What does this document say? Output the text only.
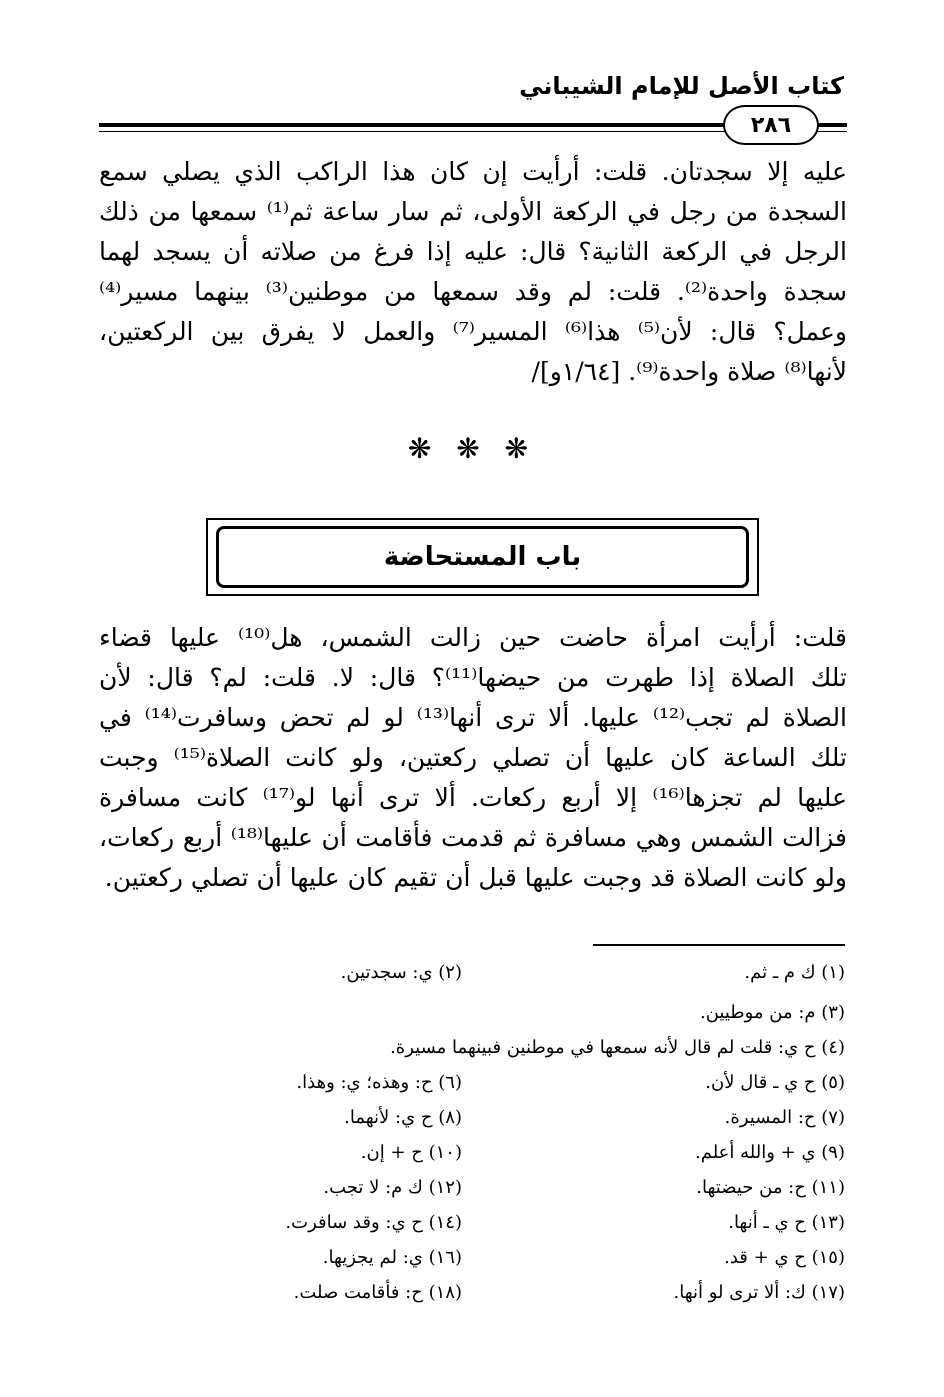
كتاب الأصل للإمام الشيباني
٢٨٦
عليه إلا سجدتان. قلت: أرأيت إن كان هذا الراكب الذي يصلي سمع
السجدة من رجل في الركعة الأولى، ثم سار ساعة ثم⁽¹⁾ سمعها من ذلك
الرجل في الركعة الثانية؟ قال: عليه إذا فرغ من صلاته أن يسجد لهما
سجدة واحدة⁽²⁾. قلت: لم وقد سمعها من موطنين⁽³⁾ بينهما مسير⁽⁴⁾
وعمل؟ قال: لأن⁽⁵⁾ هذا⁽⁶⁾ المسير⁽⁷⁾ والعمل لا يفرق بين الركعتين،
لأنها⁽⁸⁾ صلاة واحدة⁽⁹⁾. [١/٦٤و]/
❋ ❋ ❋
باب المستحاضة
قلت: أرأيت امرأة حاضت حين زالت الشمس، هل⁽¹⁰⁾ عليها قضاء
تلك الصلاة إذا طهرت من حيضها⁽¹¹⁾؟ قال: لا. قلت: لم؟ قال: لأن
الصلاة لم تجب⁽¹²⁾ عليها. ألا ترى أنها⁽¹³⁾ لو لم تحض وسافرت⁽¹⁴⁾ في
تلك الساعة كان عليها أن تصلي ركعتين، ولو كانت الصلاة⁽¹⁵⁾ وجبت
عليها لم تجزها⁽¹⁶⁾ إلا أربع ركعات. ألا ترى أنها لو⁽¹⁷⁾ كانت مسافرة
فزالت الشمس وهي مسافرة ثم قدمت فأقامت أن عليها⁽¹⁸⁾ أربع ركعات،
ولو كانت الصلاة قد وجبت عليها قبل أن تقيم كان عليها أن تصلي ركعتين.
(١) ك م ـ ثم.
(٢) ي: سجدتين.
(٣) م: من موطيين.
(٤) ح ي: قلت لم قال لأنه سمعها في موطنين فبينهما مسيرة.
(٥) ح ي ـ قال لأن.
(٦) ح: وهذه؛ ي: وهذا.
(٧) ح: المسيرة.
(٨) ح ي: لأنهما.
(٩) ي + والله أعلم.
(١٠) ح + إن.
(١١) ح: من حيضتها.
(١٢) ك م: لا تجب.
(١٣) ح ي ـ أنها.
(١٤) ح ي: وقد سافرت.
(١٥) ح ي + قد.
(١٦) ي: لم يجزيها.
(١٧) ك: ألا ترى لو أنها.
(١٨) ح: فأقامت صلت.
